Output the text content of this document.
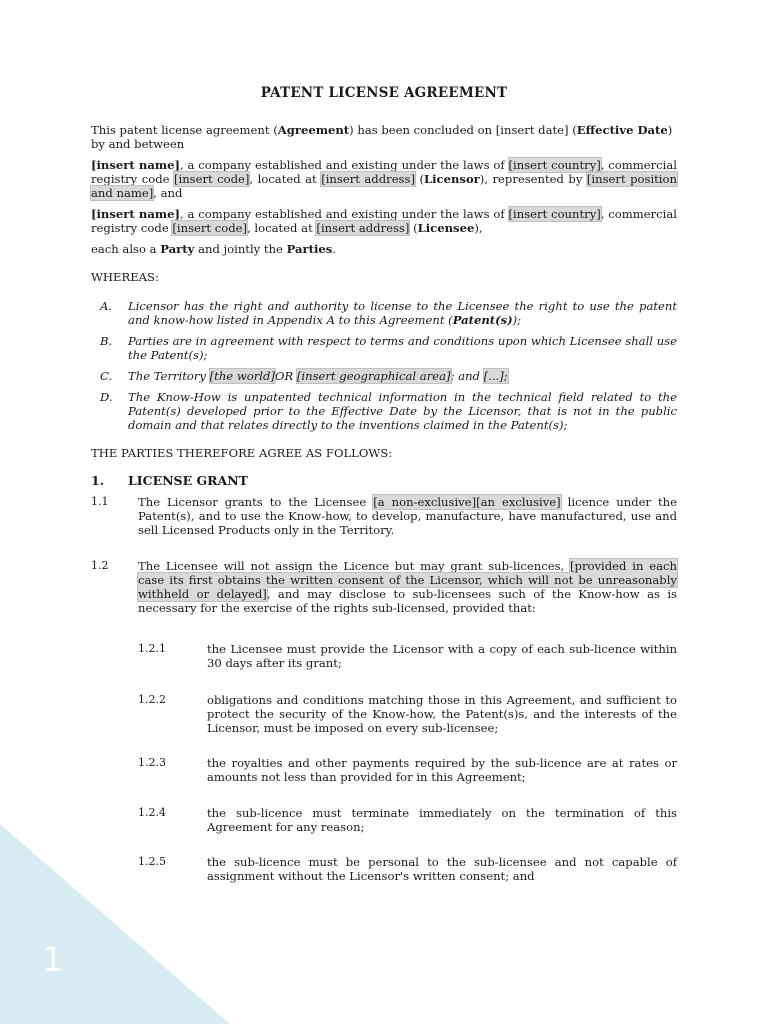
1
PATENT LICENSE AGREEMENT
This patent license agreement (Agreement) has been concluded on [insert date] (Effective Date) by and between
[insert name], a company established and existing under the laws of [insert country], commercial registry code [insert code], located at [insert address] (Licensor), represented by [insert position and name], and
[insert name], a company established and existing under the laws of [insert country], commercial registry code [insert code], located at [insert address] (Licensee),
each also a Party and jointly the Parties.
WHEREAS:
A. Licensor has the right and authority to license to the Licensee the right to use the patent and know-how listed in Appendix A to this Agreement (Patent(s));
B. Parties are in agreement with respect to terms and conditions upon which Licensee shall use the Patent(s);
C. The Territory [the world]OR [insert geographical area]; and [...];
D. The Know-How is unpatented technical information in the technical field related to the Patent(s) developed prior to the Effective Date by the Licensor, that is not in the public domain and that relates directly to the inventions claimed in the Patent(s);
THE PARTIES THEREFORE AGREE AS FOLLOWS:
1. LICENSE GRANT
1.1	The Licensor grants to the Licensee [a non-exclusive][an exclusive] licence under the Patent(s), and to use the Know-how, to develop, manufacture, have manufactured, use and sell Licensed Products only in the Territory.
1.2	The Licensee will not assign the Licence but may grant sub-licences, [provided in each case its first obtains the written consent of the Licensor, which will not be unreasonably withheld or delayed], and may disclose to sub-licensees such of the Know-how as is necessary for the exercise of the rights sub-licensed, provided that:
1.2.1	the Licensee must provide the Licensor with a copy of each sub-licence within 30 days after its grant;
1.2.2	obligations and conditions matching those in this Agreement, and sufficient to protect the security of the Know-how, the Patent(s)s, and the interests of the Licensor, must be imposed on every sub-licensee;
1.2.3	the royalties and other payments required by the sub-licence are at rates or amounts not less than provided for in this Agreement;
1.2.4	the sub-licence must terminate immediately on the termination of this Agreement for any reason;
1.2.5	the sub-licence must be personal to the sub-licensee and not capable of assignment without the Licensor's written consent; and
